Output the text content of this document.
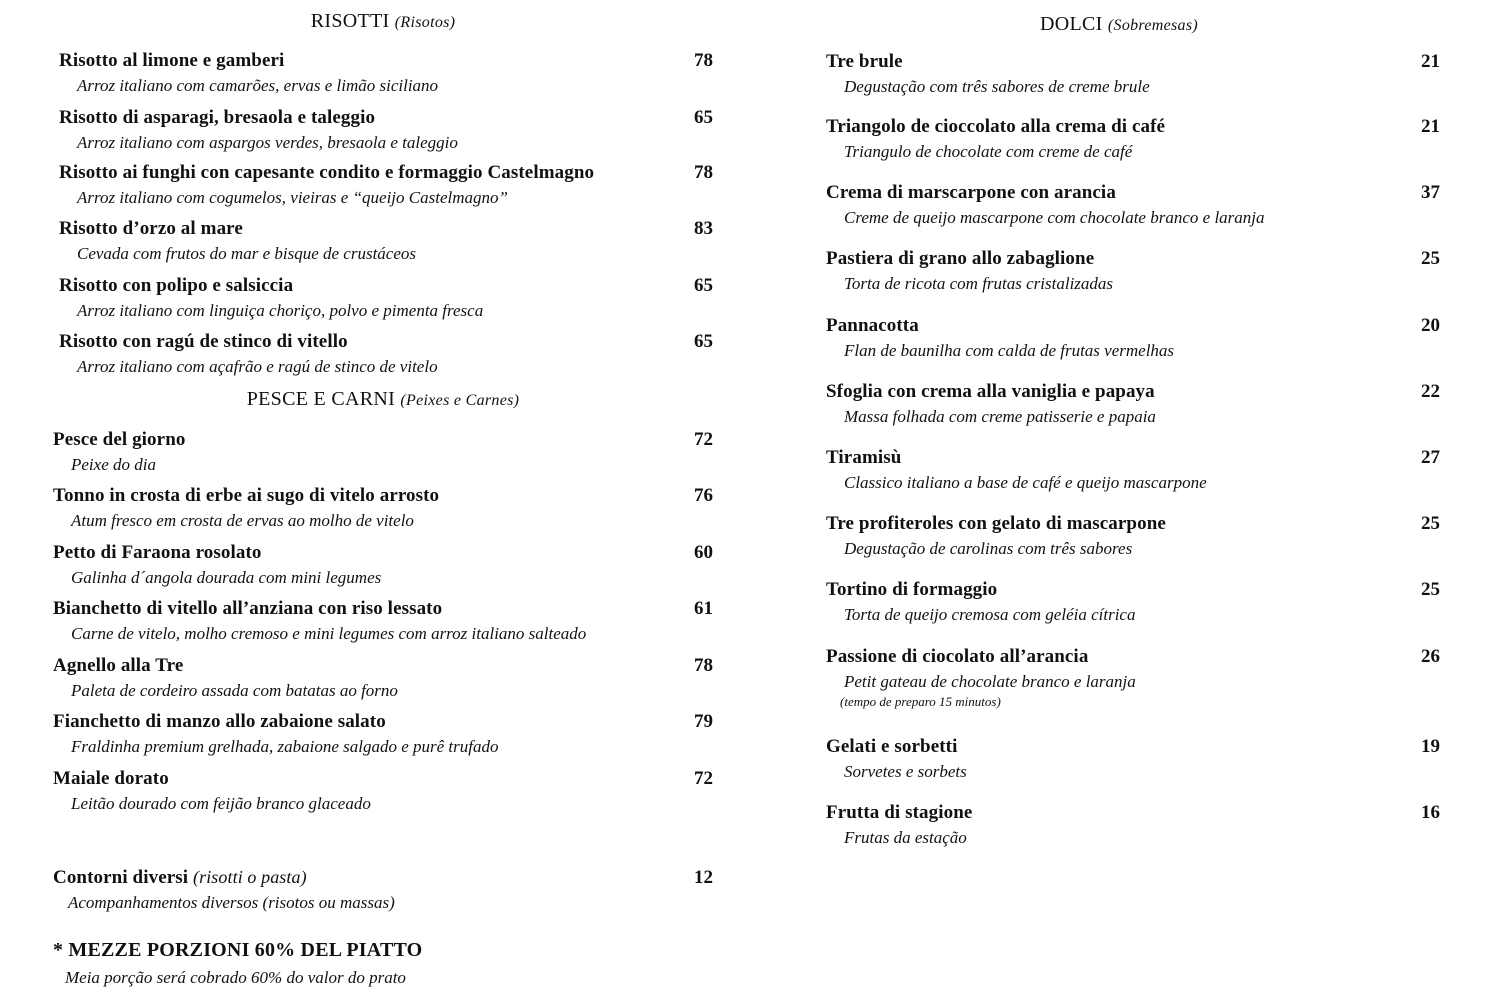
RISOTTI (Risotos)
Risotto al limone e gamberi	78
Arroz italiano com camarões, ervas e limão siciliano
Risotto di asparagi, bresaola e taleggio	65
Arroz italiano com aspargos verdes, bresaola e taleggio
Risotto ai funghi con capesante condito e formaggio Castelmagno	78
Arroz italiano com cogumelos, vieiras e “queijo Castelmagno”
Risotto d’orzo al mare	83
Cevada com frutos do mar e bisque de crustáceos
Risotto con polipo e salsiccia	65
Arroz italiano com linguiça choriço, polvo e pimenta fresca
Risotto con ragú de stinco di vitello	65
Arroz italiano com açafrão e ragú de stinco de vitelo
PESCE E CARNI (Peixes e Carnes)
Pesce del giorno	72
Peixe do dia
Tonno in crosta di erbe ai sugo di vitelo arrosto	76
Atum fresco em crosta de ervas ao molho de vitelo
Petto di Faraona rosolato	60
Galinha d´angola dourada com mini legumes
Bianchetto di vitello all’anziana con riso lessato	61
Carne de vitelo, molho cremoso e mini legumes com arroz italiano salteado
Agnello alla Tre	78
Paleta de cordeiro assada com batatas ao forno
Fianchetto di manzo allo zabaione salato	79
Fraldinha premium grelhada, zabaione salgado e purê trufado
Maiale dorato	72
Leitão dourado com feijão branco glaceado
Contorni diversi (risotti o pasta)	12
Acompanhamentos diversos (risotos ou massas)
* MEZZE PORZIONI 60% DEL PIATTO
Meia porção será cobrado 60% do valor do prato
DOLCI (Sobremesas)
Tre brule	21
Degustação com três sabores de creme brule
Triangolo de cioccolato alla crema di café	21
Triangulo de chocolate com creme de café
Crema di marscarpone con arancia	37
Creme de queijo mascarpone com chocolate branco e laranja
Pastiera di grano allo zabaglione	25
Torta de ricota com frutas cristalizadas
Pannacotta	20
Flan de baunilha com calda de frutas vermelhas
Sfoglia con crema alla vaniglia e papaya	22
Massa folhada com creme patisserie e papaia
Tiramisù	27
Classico italiano a base de café e queijo mascarpone
Tre profiteroles con gelato di mascarpone	25
Degustação de carolinas com três sabores
Tortino di formaggio	25
Torta de queijo cremosa com geléia cítrica
Passione di ciocolato all’arancia	26
Petit gateau de chocolate branco e laranja
(tempo de preparo 15 minutos)
Gelati e sorbetti	19
Sorvetes e sorbets
Frutta di stagione	16
Frutas da estação
